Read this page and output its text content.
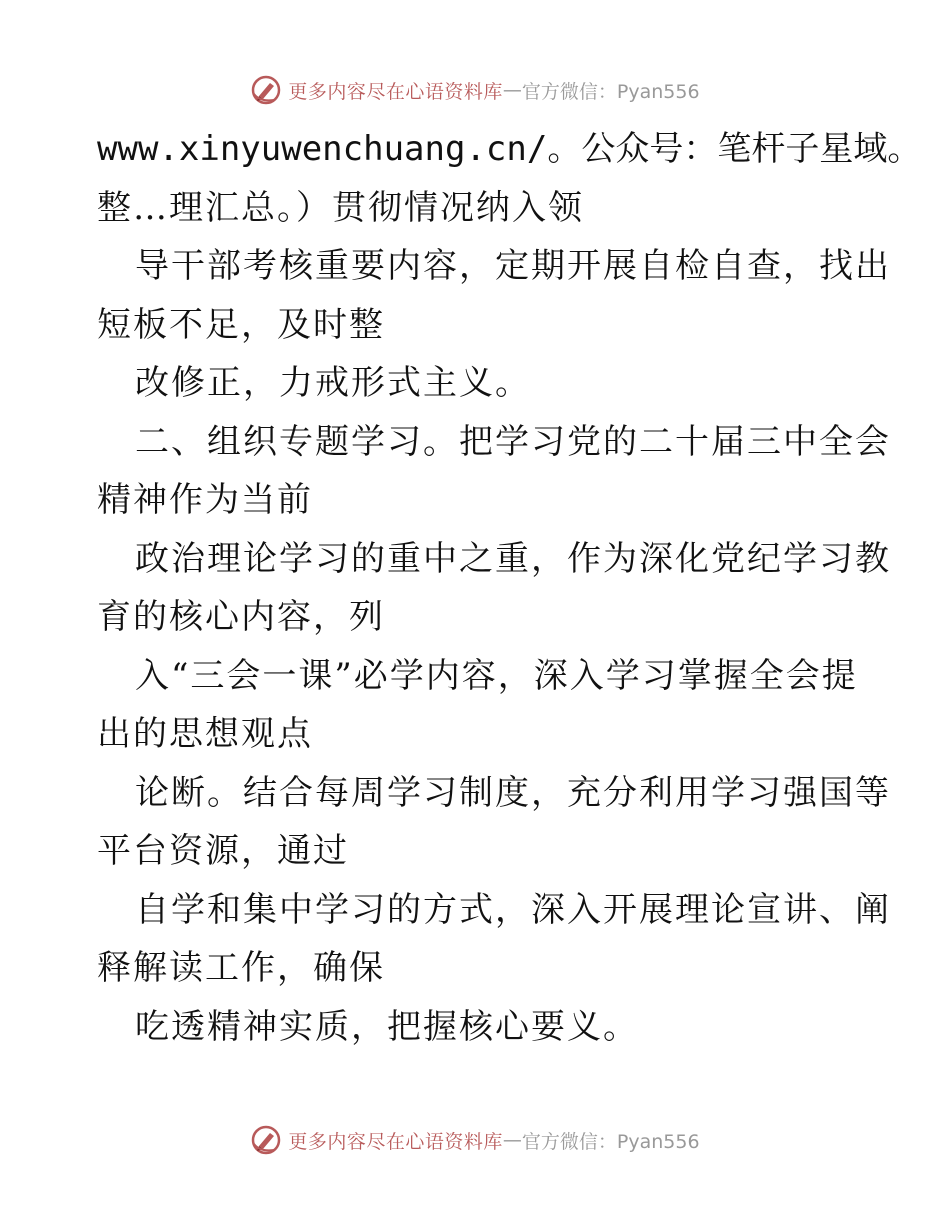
更多内容尽在心语资料库 — 官方微信：Pyan556
www.xinyuwenchuang.cn/。公众号：笔杆子星域。
整…理汇总。）贯彻情况纳入领
导干部考核重要内容，定期开展自检自查，找出
短板不足，及时整
改修正，力戒形式主义。
二、组织专题学习。把学习党的二十届三中全会
精神作为当前
政治理论学习的重中之重，作为深化党纪学习教
育的核心内容，列
入“三会一课”必学内容，深入学习掌握全会提
出的思想观点
论断。结合每周学习制度，充分利用学习强国等
平台资源，通过
自学和集中学习的方式，深入开展理论宣讲、阐
释解读工作，确保
吃透精神实质，把握核心要义。
更多内容尽在心语资料库 — 官方微信：Pyan556
